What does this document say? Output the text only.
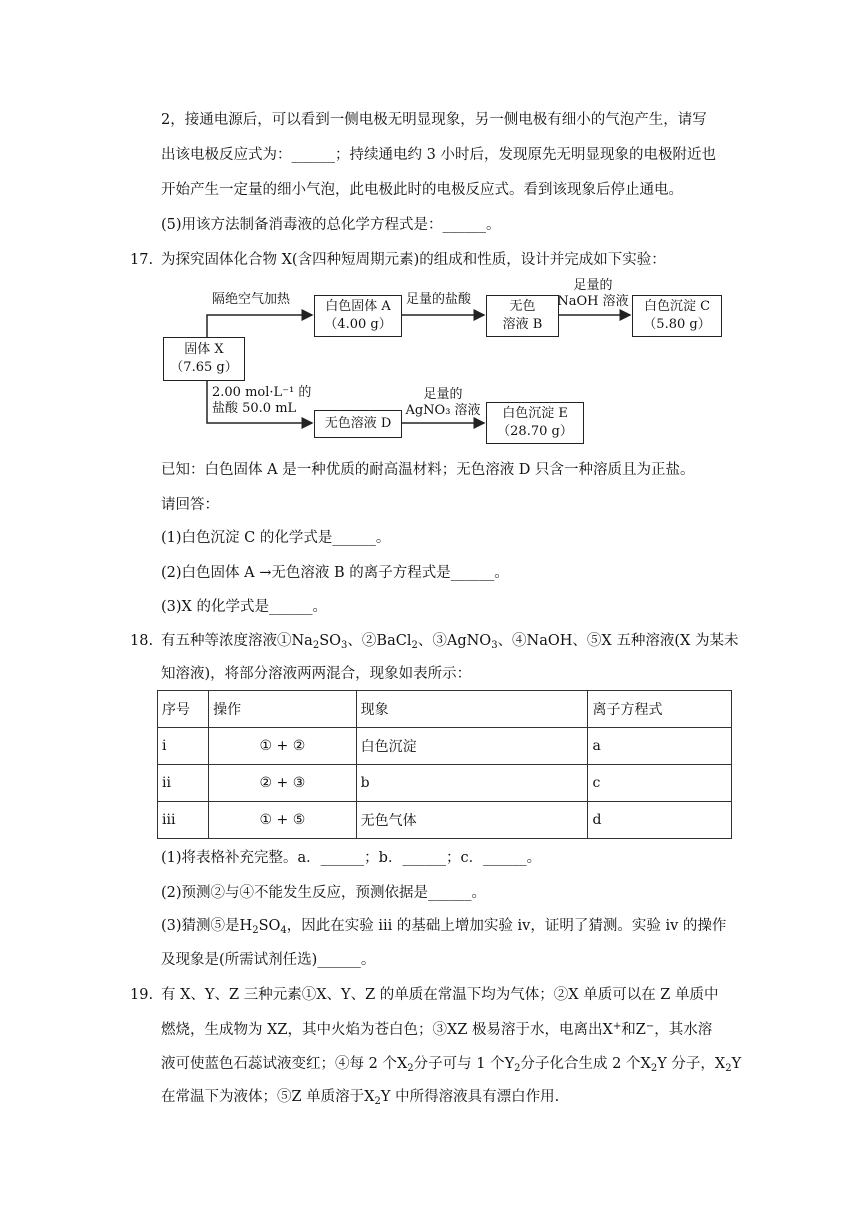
2，接通电源后，可以看到一侧电极无明显现象，另一侧电极有细小的气泡产生，请写
出该电极反应式为：______；持续通电约 3 小时后，发现原先无明显现象的电极附近也
开始产生一定量的细小气泡，此电极此时的电极反应式。看到该现象后停止通电。
(5)用该方法制备消毒液的总化学方程式是：______。
17. 为探究固体化合物 X(含四种短周期元素)的组成和性质，设计并完成如下实验：
固体 X
（7.65 g）
隔绝空气加热	白色固体 A
（4.00 g）
足量的盐酸	无色
溶液 B
足量的
NaOH 溶液 白色沉淀 C
（5.80 g）
2.00 mol·L⁻¹ 的
盐酸 50.0 mL
无色溶液 D
足量的
AgNO₃ 溶液 白色沉淀 E
（28.70 g）
已知：白色固体 A 是一种优质的耐高温材料；无色溶液 D 只含一种溶质且为正盐。
请回答：
(1)白色沉淀 C 的化学式是______。
(2)白色固体 A →无色溶液 B 的离子方程式是______。
(3)X 的化学式是______。
18. 有五种等浓度溶液$①Na_2SO_3$、②BaCl$_2$、③AgNO$_3$、④NaOH、⑤X 五种溶液(X 为某未
知溶液)，将部分溶液两两混合，现象如表所示：
序号	操作	现象	离子方程式
i	① + ②	白色沉淀	a
ii	② + ③	b	c
iii	① + ⑤	无色气体	d
(1)将表格补充完整。a．______；b．______；c．______。
(2)预测②与④不能发生反应，预测依据是______。
(3)猜测⑤是$H_2SO_4$，因此在实验 iii 的基础上增加实验 iv，证明了猜测。实验 iv 的操作
及现象是(所需试剂任选)______。
19. 有 X、Y、Z 三种元素①X、Y、Z 的单质在常温下均为气体；②X 单质可以在 Z 单质中
燃烧，生成物为 XZ，其中火焰为苍白色；③XZ 极易溶于水，电离出X+和Z−，其水溶
液可使蓝色石蕊试液变红；④每 2 个$X_2$分子可与 1 个$Y_2$分子化合生成 2 个$X_2Y$ 分子，$X_2Y$
在常温下为液体；⑤Z 单质溶于$X_2Y$ 中所得溶液具有漂白作用.
